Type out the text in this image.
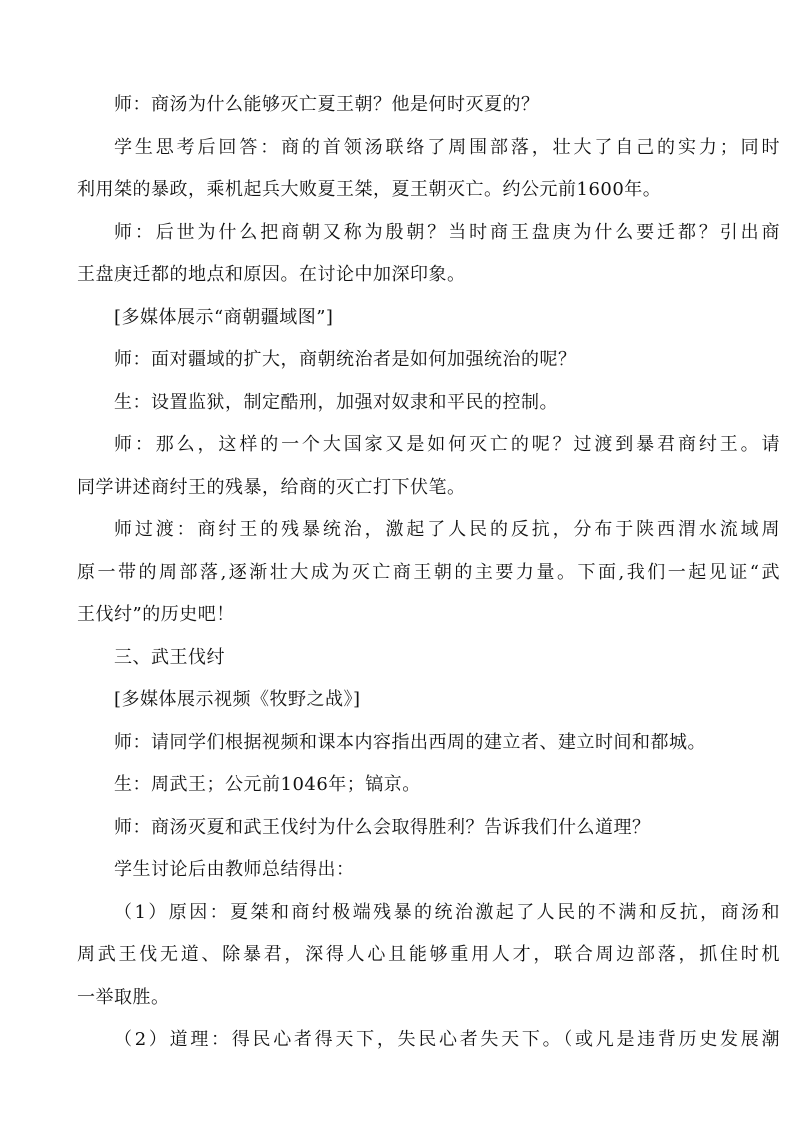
师：商汤为什么能够灭亡夏王朝？他是何时灭夏的？
学生思考后回答：商的首领汤联络了周围部落，壮大了自己的实力；同时
利用桀的暴政，乘机起兵大败夏王桀，夏王朝灭亡。约公元前1600年。
师：后世为什么把商朝又称为殷朝？当时商王盘庚为什么要迁都？引出商
王盘庚迁都的地点和原因。在讨论中加深印象。
[多媒体展示“商朝疆域图”]
师：面对疆域的扩大，商朝统治者是如何加强统治的呢？
生：设置监狱，制定酷刑，加强对奴隶和平民的控制。
师：那么，这样的一个大国家又是如何灭亡的呢？过渡到暴君商纣王。请
同学讲述商纣王的残暴，给商的灭亡打下伏笔。
师过渡：商纣王的残暴统治，激起了人民的反抗，分布于陕西渭水流域周
原一带的周部落,逐渐壮大成为灭亡商王朝的主要力量。下面,我们一起见证“武
王伐纣”的历史吧！
三、武王伐纣
[多媒体展示视频《牧野之战》]
师：请同学们根据视频和课本内容指出西周的建立者、建立时间和都城。
生：周武王；公元前1046年；镐京。
师：商汤灭夏和武王伐纣为什么会取得胜利？告诉我们什么道理？
学生讨论后由教师总结得出：
（1）原因：夏桀和商纣极端残暴的统治激起了人民的不满和反抗，商汤和
周武王伐无道、除暴君，深得人心且能够重用人才，联合周边部落，抓住时机
一举取胜。
（2）道理：得民心者得天下，失民心者失天下。（或凡是违背历史发展潮
